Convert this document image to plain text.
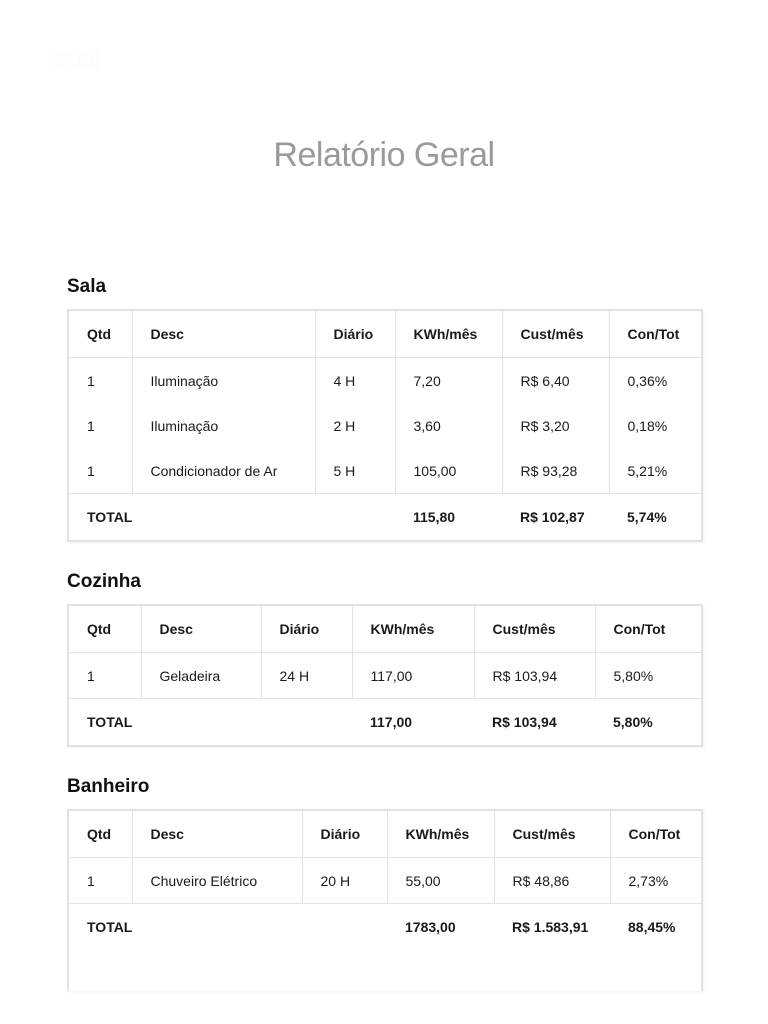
enel
Relatório Geral
Sala
Qtd	Desc	Diário	KWh/mês	Cust/mês	Con/Tot
1	Iluminação	4 H	7,20	R$ 6,40	0,36%
1	Iluminação	2 H	3,60	R$ 3,20	0,18%
1	Condicionador de Ar	5 H	105,00	R$ 93,28	5,21%
TOTAL			115,80	R$ 102,87	5,74%
Cozinha
Qtd	Desc	Diário	KWh/mês	Cust/mês	Con/Tot
1	Geladeira	24 H	117,00	R$ 103,94	5,80%
TOTAL			117,00	R$ 103,94	5,80%
Banheiro
Qtd	Desc	Diário	KWh/mês	Cust/mês	Con/Tot
1	Chuveiro Elétrico	20 H	55,00	R$ 48,86	2,73%
TOTAL			1783,00	R$ 1.583,91	88,45%
